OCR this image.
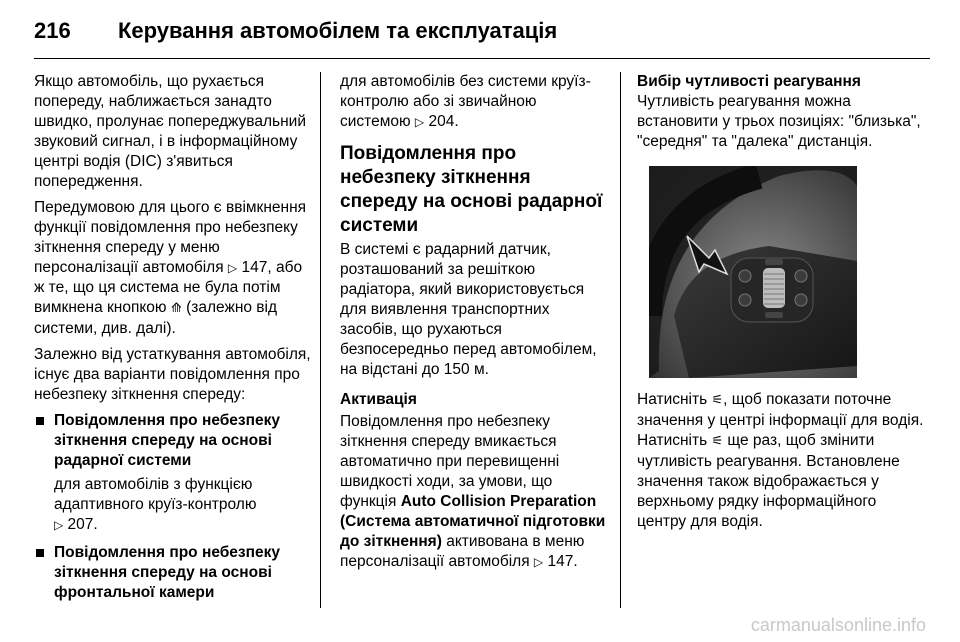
216 Керування автомобілем та експлуатація

Якщо автомобіль, що рухається попереду, наближається занадто швидко, пролунає попереджувальний звуковий сигнал, і в інформаційному центрі водія (DIC) з'явиться попередження.

Передумовою для цього є ввімкнення функції повідомлення про небезпеку зіткнення спереду у меню персоналізації автомобіля ▷ 147, або ж те, що ця система не була потім вимкнена кнопкою ⟰ (залежно від системи, див. далі).

Залежно від устаткування автомобіля, існує два варіанти повідомлення про небезпеку зіткнення спереду:

Повідомлення про небезпеку зіткнення спереду на основі радарної системи
для автомобілів з функцією адаптивного круїз-контролю
▷ 207.
Повідомлення про небезпеку зіткнення спереду на основі фронтальної камери

для автомобілів без системи круїз-контролю або зі звичайною системою ▷ 204.

Повідомлення про небезпеку зіткнення спереду на основі радарної системи

В системі є радарний датчик, розташований за решіткою радіатора, який використовується для виявлення транспортних засобів, що рухаються безпосередньо перед автомобілем, на відстані до 150 м.

Активація

Повідомлення про небезпеку зіткнення спереду вмикається автоматично при перевищенні швидкості ходи, за умови, що функція Auto Collision Preparation (Система автоматичної підготовки до зіткнення) активована в меню персоналізації автомобіля ▷ 147.

Вибір чутливості реагування

Чутливість реагування можна встановити у трьох позиціях: "близька", "середня" та "далека" дистанція.

Натисніть ⚟, щоб показати поточне значення у центрі інформації для водія. Натисніть ⚟ ще раз, щоб змінити чутливість реагування. Встановлене значення також відображається у верхньому рядку інформаційного центру для водія.

carmanualsonline.info
